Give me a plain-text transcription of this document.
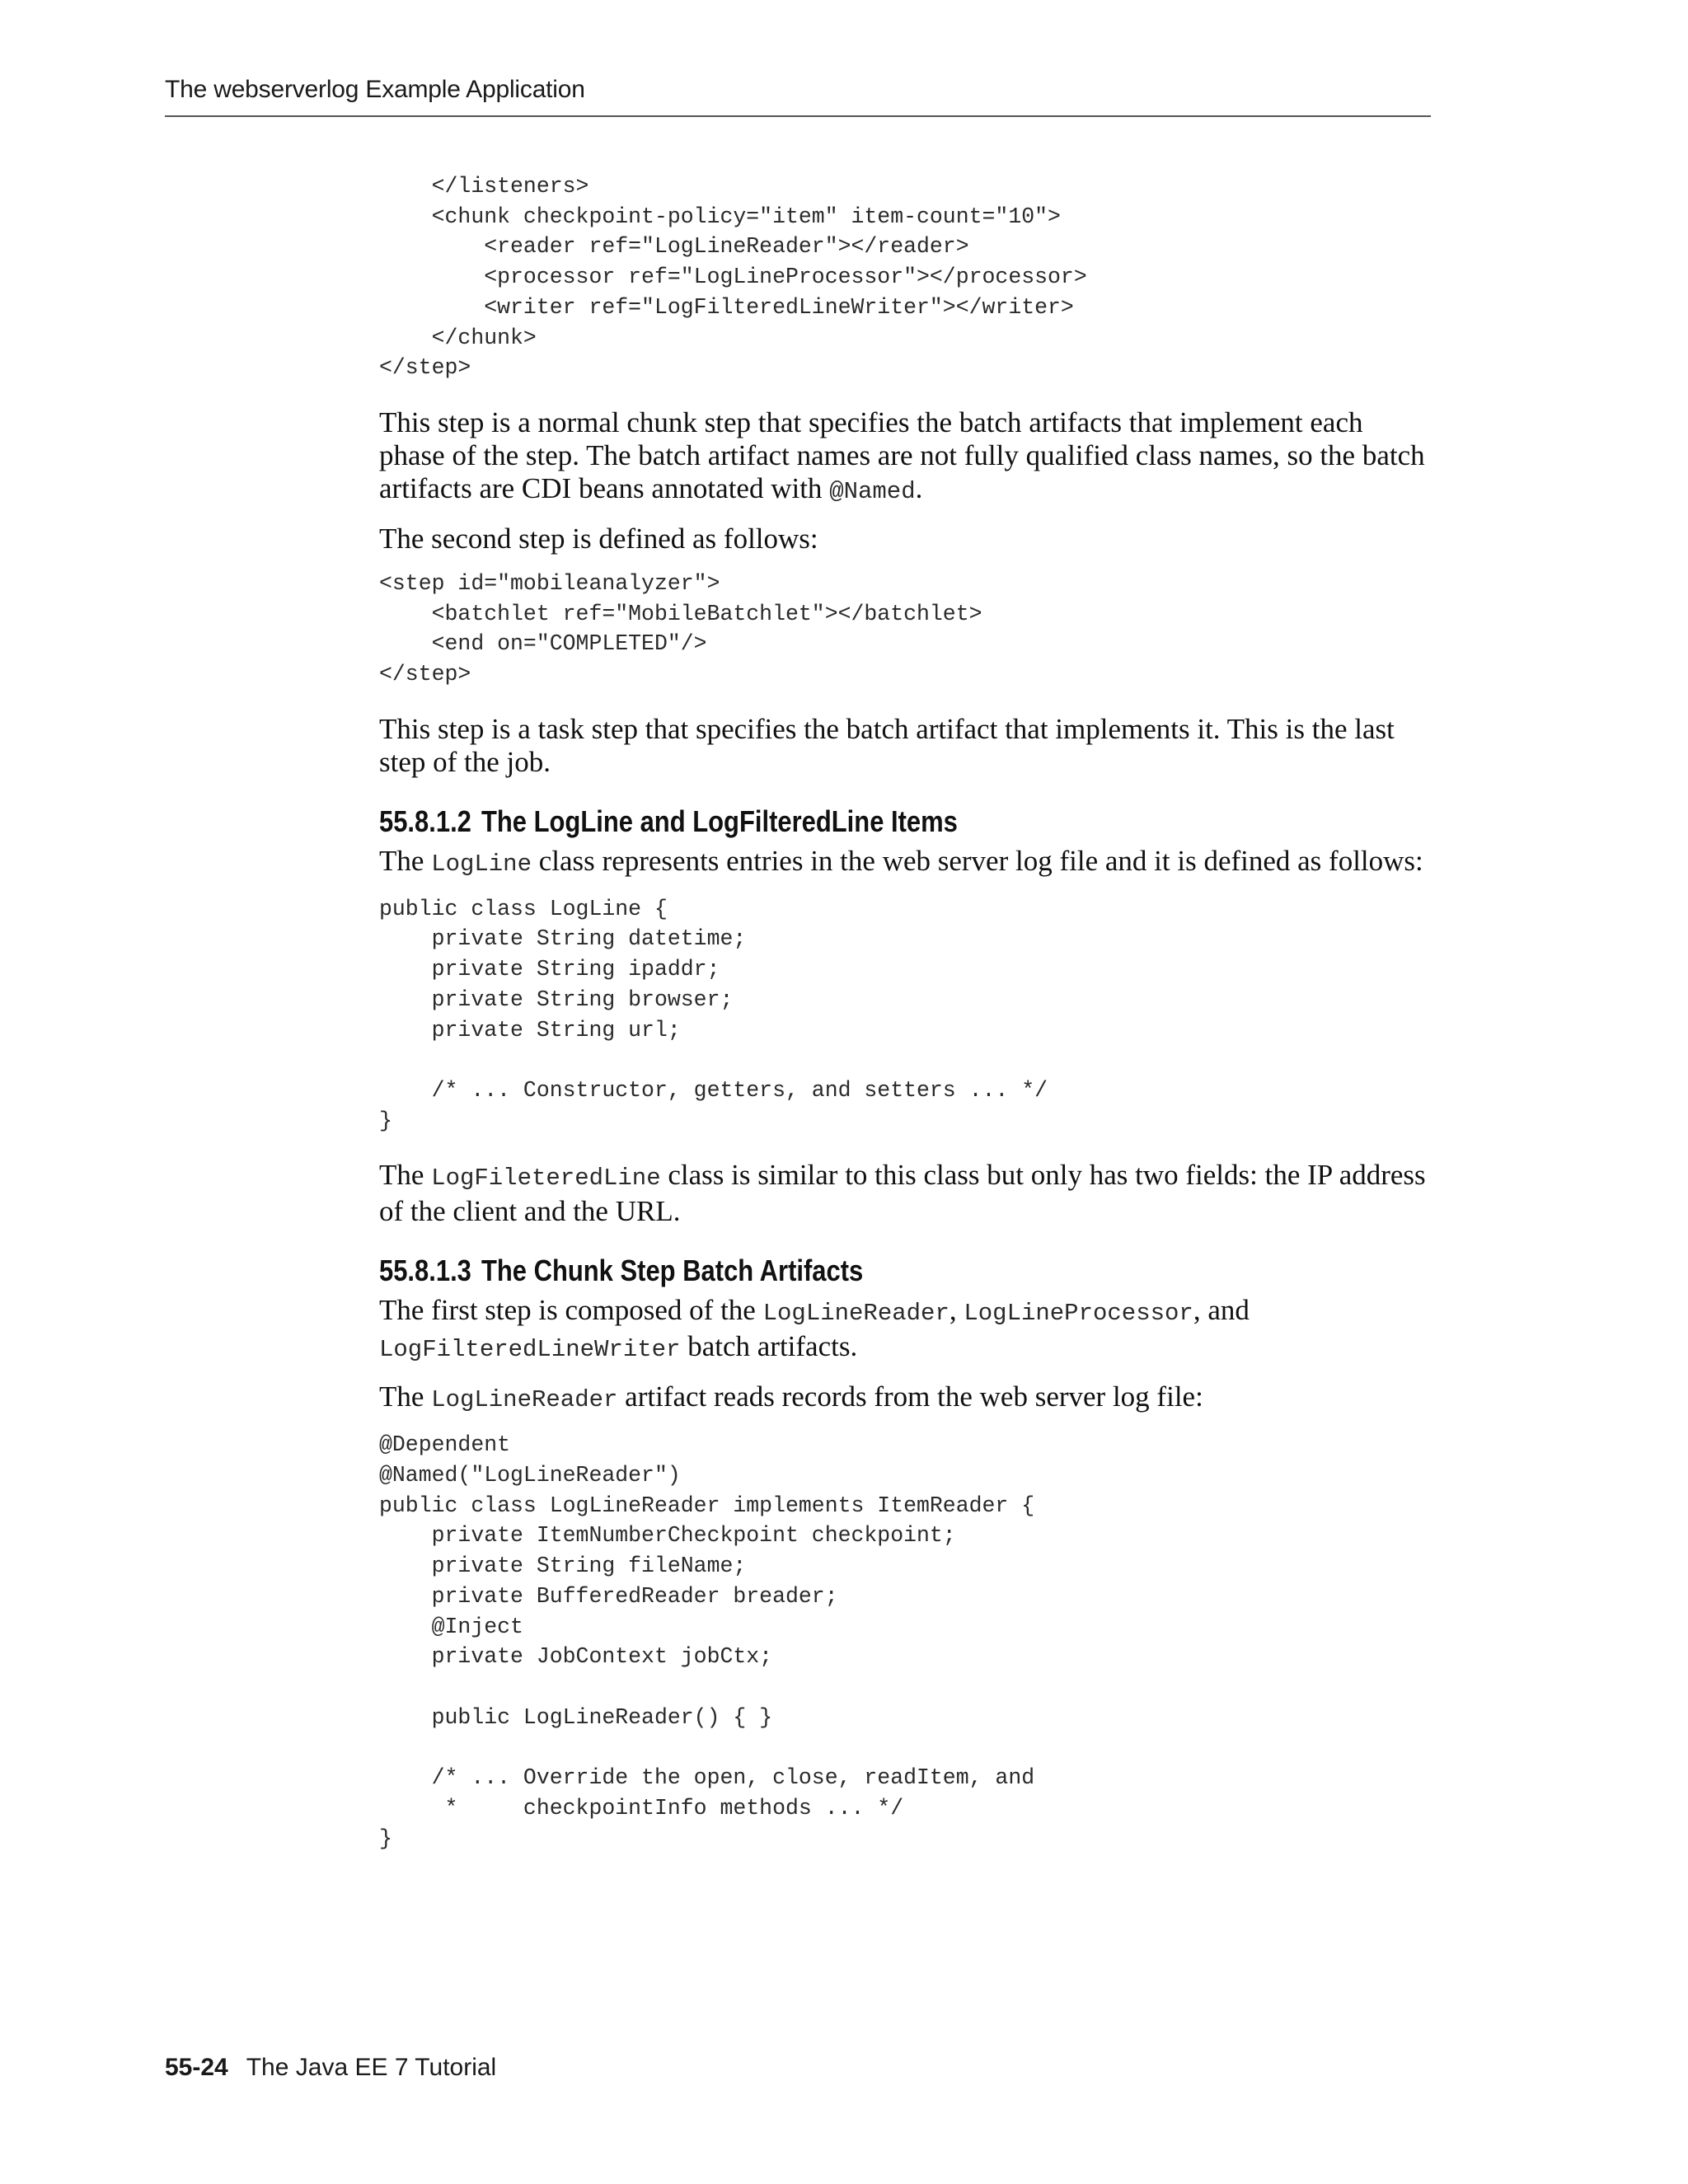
The webserverlog Example Application
</listeners>
<chunk checkpoint-policy="item" item-count="10">
<reader ref="LogLineReader"></reader>
<processor ref="LogLineProcessor"></processor>
<writer ref="LogFilteredLineWriter"></writer>
</chunk>
</step>

This step is a normal chunk step that specifies the batch artifacts that implement each phase of the step. The batch artifact names are not fully qualified class names, so the batch artifacts are CDI beans annotated with @Named.

The second step is defined as follows:

<step id="mobileanalyzer">
<batchlet ref="MobileBatchlet"></batchlet>
<end on="COMPLETED"/>
</step>

This step is a task step that specifies the batch artifact that implements it. This is the last step of the job.

55.8.1.2 The LogLine and LogFilteredLine Items

The LogLine class represents entries in the web server log file and it is defined as follows:

public class LogLine {
private String datetime;
private String ipaddr;
private String browser;
private String url;

/* ... Constructor, getters, and setters ... */
}

The LogFileteredLine class is similar to this class but only has two fields: the IP address of the client and the URL.

55.8.1.3 The Chunk Step Batch Artifacts

The first step is composed of the LogLineReader, LogLineProcessor, and
LogFilteredLineWriter batch artifacts.

The LogLineReader artifact reads records from the web server log file:

@Dependent
@Named("LogLineReader")
public class LogLineReader implements ItemReader {
private ItemNumberCheckpoint checkpoint;
private String fileName;
private BufferedReader breader;
@Inject
private JobContext jobCtx;

public LogLineReader() { }

/* ... Override the open, close, readItem, and
*     checkpointInfo methods ... */
}
55-24 The Java EE 7 Tutorial
